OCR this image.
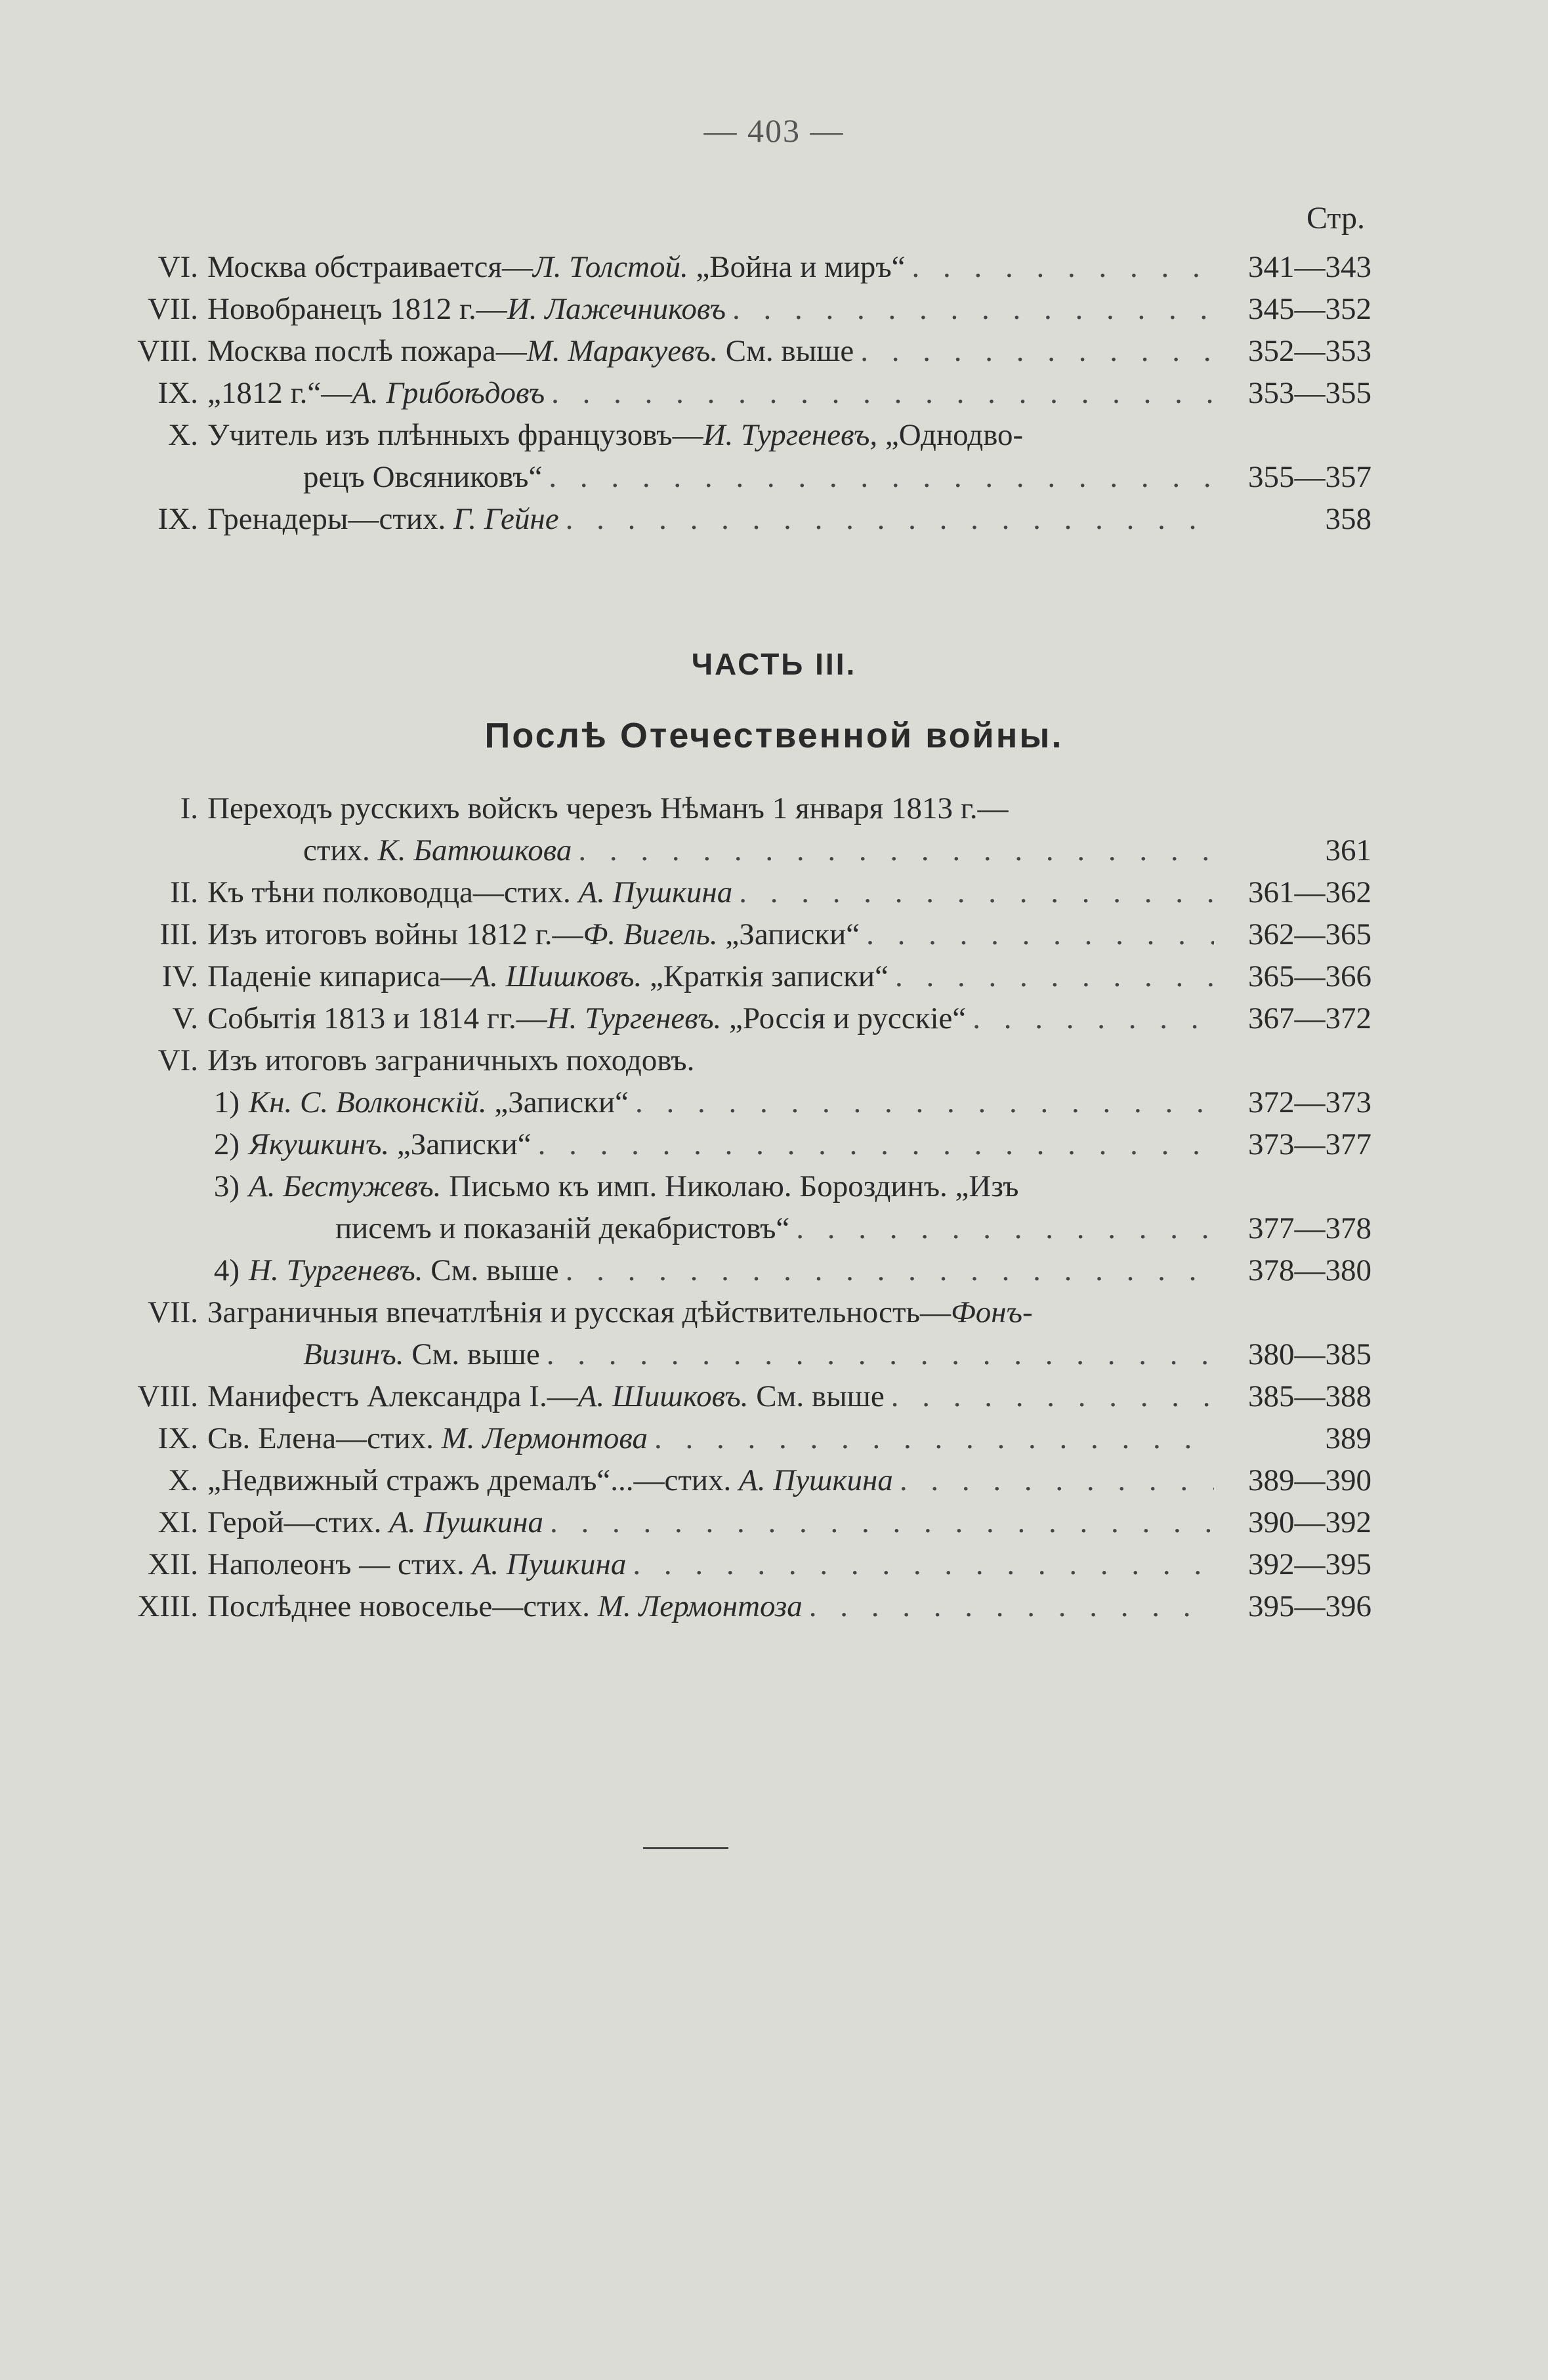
— 403 —
Стр.
VI. Москва обстраивается—Л. Толстой. „Война и миръ“ . . .	341—343
VII. Новобранецъ 1812 г.—И. Лажечниковъ . . .	345—352
VIII. Москва послѣ пожара—М. Маракуевъ. См. выше . . .	352—353
IX. „1812 г.“—А. Грибоѣдовъ . . .	353—355
X. Учитель изъ плѣнныхъ французовъ—И. Тургеневъ, „Однодво-
рецъ Овсяниковъ“ . . .	355—357
IX. Гренадеры—стих. Г. Гейне . . .	358
ЧАСТЬ III.
Послѣ Отечественной войны.
I. Переходъ русскихъ войскъ черезъ Нѣманъ 1 января 1813 г.—
стих. К. Батюшкова . . .	361
II. Къ тѣни полководца—стих. А. Пушкина . . .	361—362
III. Изъ итоговъ войны 1812 г.—Ф. Вигель. „Записки“ . . .	362—365
IV. Паденіе кипариса—А. Шишковъ. „Краткія записки“ . . .	365—366
V. Событія 1813 и 1814 гг.—Н. Тургеневъ. „Россія и русскіе“ . . .	367—372
VI. Изъ итоговъ заграничныхъ походовъ.
1) Кн. С. Волконскій. „Записки“ . . .	372—373
2) Якушкинъ. „Записки“ . . .	373—377
3) А. Бестужевъ. Письмо къ имп. Николаю. Бороздинъ. „Изъ
писемъ и показаній декабристовъ“ . . .	377—378
4) Н. Тургеневъ. См. выше . . .	378—380
VII. Заграничныя впечатлѣнія и русская дѣйствительность—Фонъ-
Визинъ. См. выше . . .	380—385
VIII. Манифестъ Александра I.—А. Шишковъ. См. выше . . .	385—388
IX. Св. Елена—стих. М. Лермонтова . . .	389
X. „Недвижный стражъ дремалъ“...—стих. А. Пушкина . . .	389—390
XI. Герой—стих. А. Пушкина . . .	390—392
XII. Наполеонъ — стих. А. Пушкина . . .	392—395
XIII. Послѣднее новоселье—стих. М. Лермонтоза . . .	395—396
